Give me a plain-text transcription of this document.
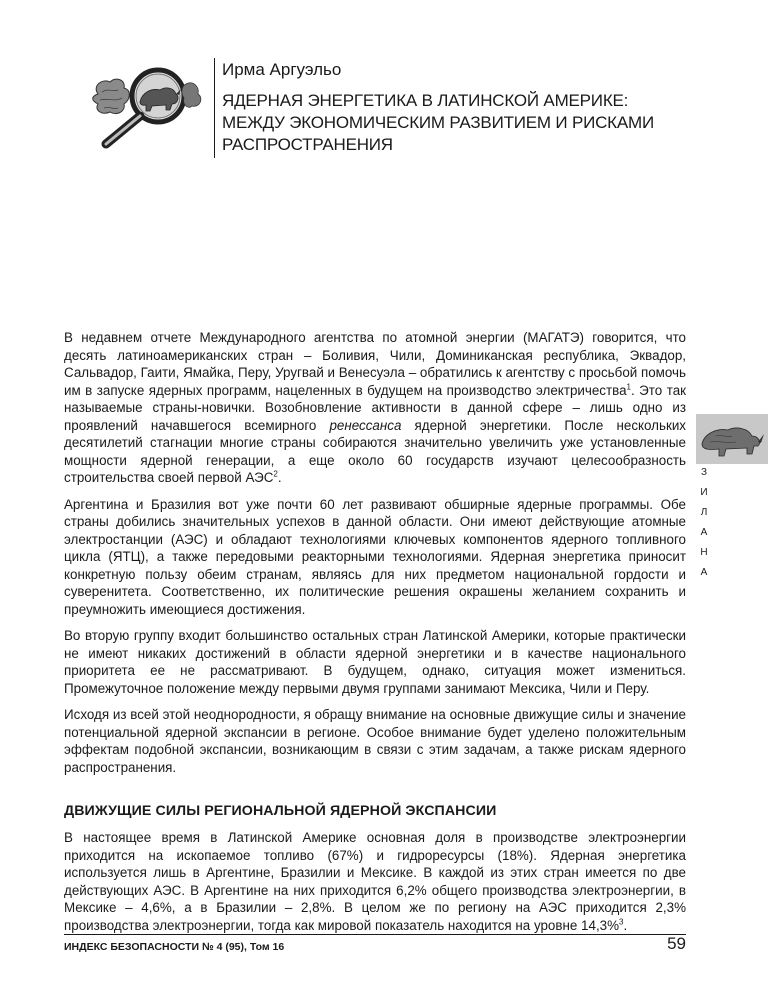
Ирма Аргуэльо
ЯДЕРНАЯ ЭНЕРГЕТИКА В ЛАТИНСКОЙ АМЕРИКЕ:
МЕЖДУ ЭКОНОМИЧЕСКИМ РАЗВИТИЕМ И РИСКАМИ
РАСПРОСТРАНЕНИЯ
А
Н
А
Л
И
З

В недавнем отчете Международного агентства по атомной энергии (МАГАТЭ) говорится, что десять латиноамериканских стран – Боливия, Чили, Доминиканская республика, Эквадор, Сальвадор, Гаити, Ямайка, Перу, Уругвай и Венесуэла – обратились к агентству с просьбой помочь им в запуске ядерных программ, нацеленных в будущем на производство электричества$^1$. Это так называемые страны-новички. Возобновление активности в данной сфере – лишь одно из проявлений начавшегося всемирного ренессанса ядерной энергетики. После нескольких десятилетий стагнации многие страны собираются значительно увеличить уже установленные мощности ядерной генерации, а еще около 60 государств изучают целесообразность строительства своей первой АЭС$^2$.

Аргентина и Бразилия вот уже почти 60 лет развивают обширные ядерные программы. Обе страны добились значительных успехов в данной области. Они имеют действующие атомные электростанции (АЭС) и обладают технологиями ключевых компонентов ядерного топливного цикла (ЯТЦ), а также передовыми реакторными технологиями. Ядерная энергетика приносит конкретную пользу обеим странам, являясь для них предметом национальной гордости и суверенитета. Соответственно, их политические решения окрашены желанием сохранить и преумножить имеющиеся достижения.

Во вторую группу входит большинство остальных стран Латинской Америки, которые практически не имеют никаких достижений в области ядерной энергетики и в качестве национального приоритета ее не рассматривают. В будущем, однако, ситуация может измениться. Промежуточное положение между первыми двумя группами занимают Мексика, Чили и Перу.

Исходя из всей этой неоднородности, я обращу внимание на основные движущие силы и значение потенциальной ядерной экспансии в регионе. Особое внимание будет уделено положительным эффектам подобной экспансии, возникающим в связи с этим задачам, а также рискам ядерного распространения.

ДВИЖУЩИЕ СИЛЫ РЕГИОНАЛЬНОЙ ЯДЕРНОЙ ЭКСПАНСИИ

В настоящее время в Латинской Америке основная доля в производстве электроэнергии приходится на ископаемое топливо (67%) и гидроресурсы (18%). Ядерная энергетика используется лишь в Аргентине, Бразилии и Мексике. В каждой из этих стран имеется по две действующих АЭС. В Аргентине на них приходится 6,2% общего производства электроэнергии, в Мексике – 4,6%, а в Бразилии – 2,8%. В целом же по региону на АЭС приходится 2,3% производства электроэнергии, тогда как мировой показатель находится на уровне 14,3%$^3$.

ИНДЕКС БЕЗОПАСНОСТИ № 4 (95), Том 16	59
